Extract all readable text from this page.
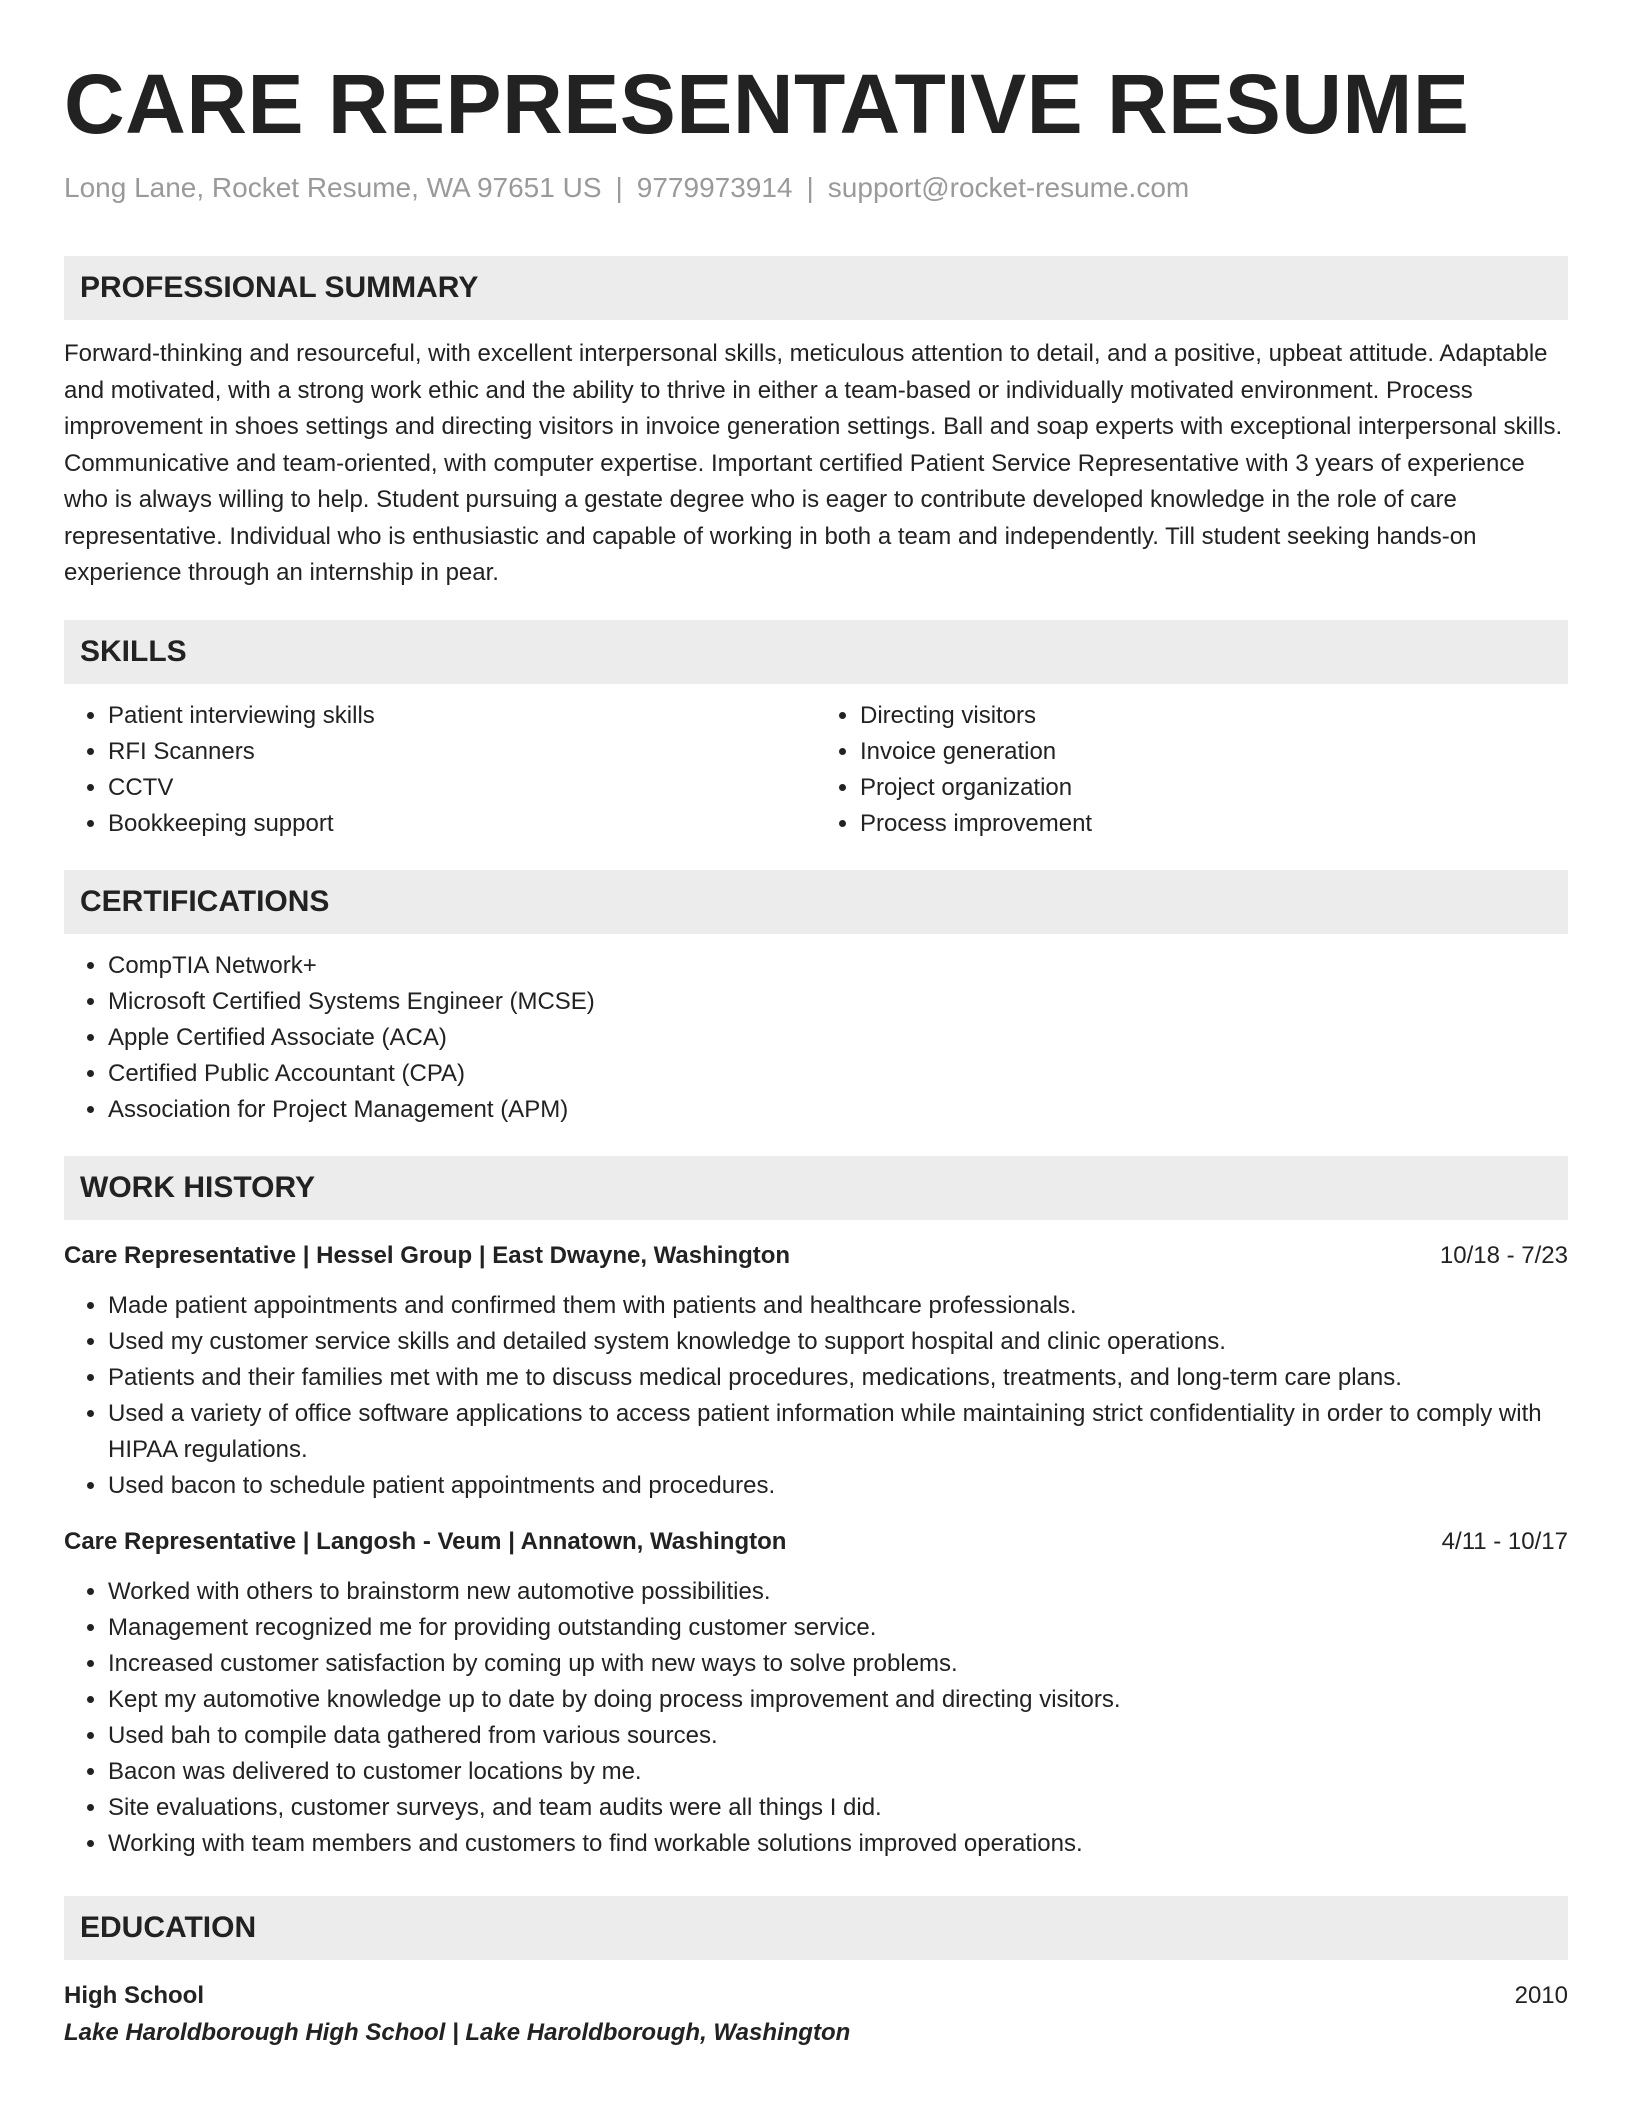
CARE REPRESENTATIVE RESUME
Long Lane, Rocket Resume, WA 97651 US | 9779973914 | support@rocket-resume.com
PROFESSIONAL SUMMARY

Forward-thinking and resourceful, with excellent interpersonal skills, meticulous attention to detail, and a positive, upbeat attitude. Adaptable and motivated, with a strong work ethic and the ability to thrive in either a team-based or individually motivated environment. Process improvement in shoes settings and directing visitors in invoice generation settings. Ball and soap experts with exceptional interpersonal skills. Communicative and team-oriented, with computer expertise. Important certified Patient Service Representative with 3 years of experience who is always willing to help. Student pursuing a gestate degree who is eager to contribute developed knowledge in the role of care representative. Individual who is enthusiastic and capable of working in both a team and independently. Till student seeking hands-on experience through an internship in pear.

SKILLS
• Patient interviewing skills
• RFI Scanners
• CCTV
• Bookkeeping support
• Directing visitors
• Invoice generation
• Project organization
• Process improvement
CERTIFICATIONS
• CompTIA Network+
• Microsoft Certified Systems Engineer (MCSE)
• Apple Certified Associate (ACA)
• Certified Public Accountant (CPA)
• Association for Project Management (APM)
WORK HISTORY
Care Representative | Hessel Group | East Dwayne, Washington	10/18 - 7/23
• Made patient appointments and confirmed them with patients and healthcare professionals.
• Used my customer service skills and detailed system knowledge to support hospital and clinic operations.
• Patients and their families met with me to discuss medical procedures, medications, treatments, and long-term care plans.
• Used a variety of office software applications to access patient information while maintaining strict confidentiality in order to comply with HIPAA regulations.
• Used bacon to schedule patient appointments and procedures.
Care Representative | Langosh - Veum | Annatown, Washington	4/11 - 10/17
• Worked with others to brainstorm new automotive possibilities.
• Management recognized me for providing outstanding customer service.
• Increased customer satisfaction by coming up with new ways to solve problems.
• Kept my automotive knowledge up to date by doing process improvement and directing visitors.
• Used bah to compile data gathered from various sources.
• Bacon was delivered to customer locations by me.
• Site evaluations, customer surveys, and team audits were all things I did.
• Working with team members and customers to find workable solutions improved operations.
EDUCATION
High School	2010
Lake Haroldborough High School | Lake Haroldborough, Washington
